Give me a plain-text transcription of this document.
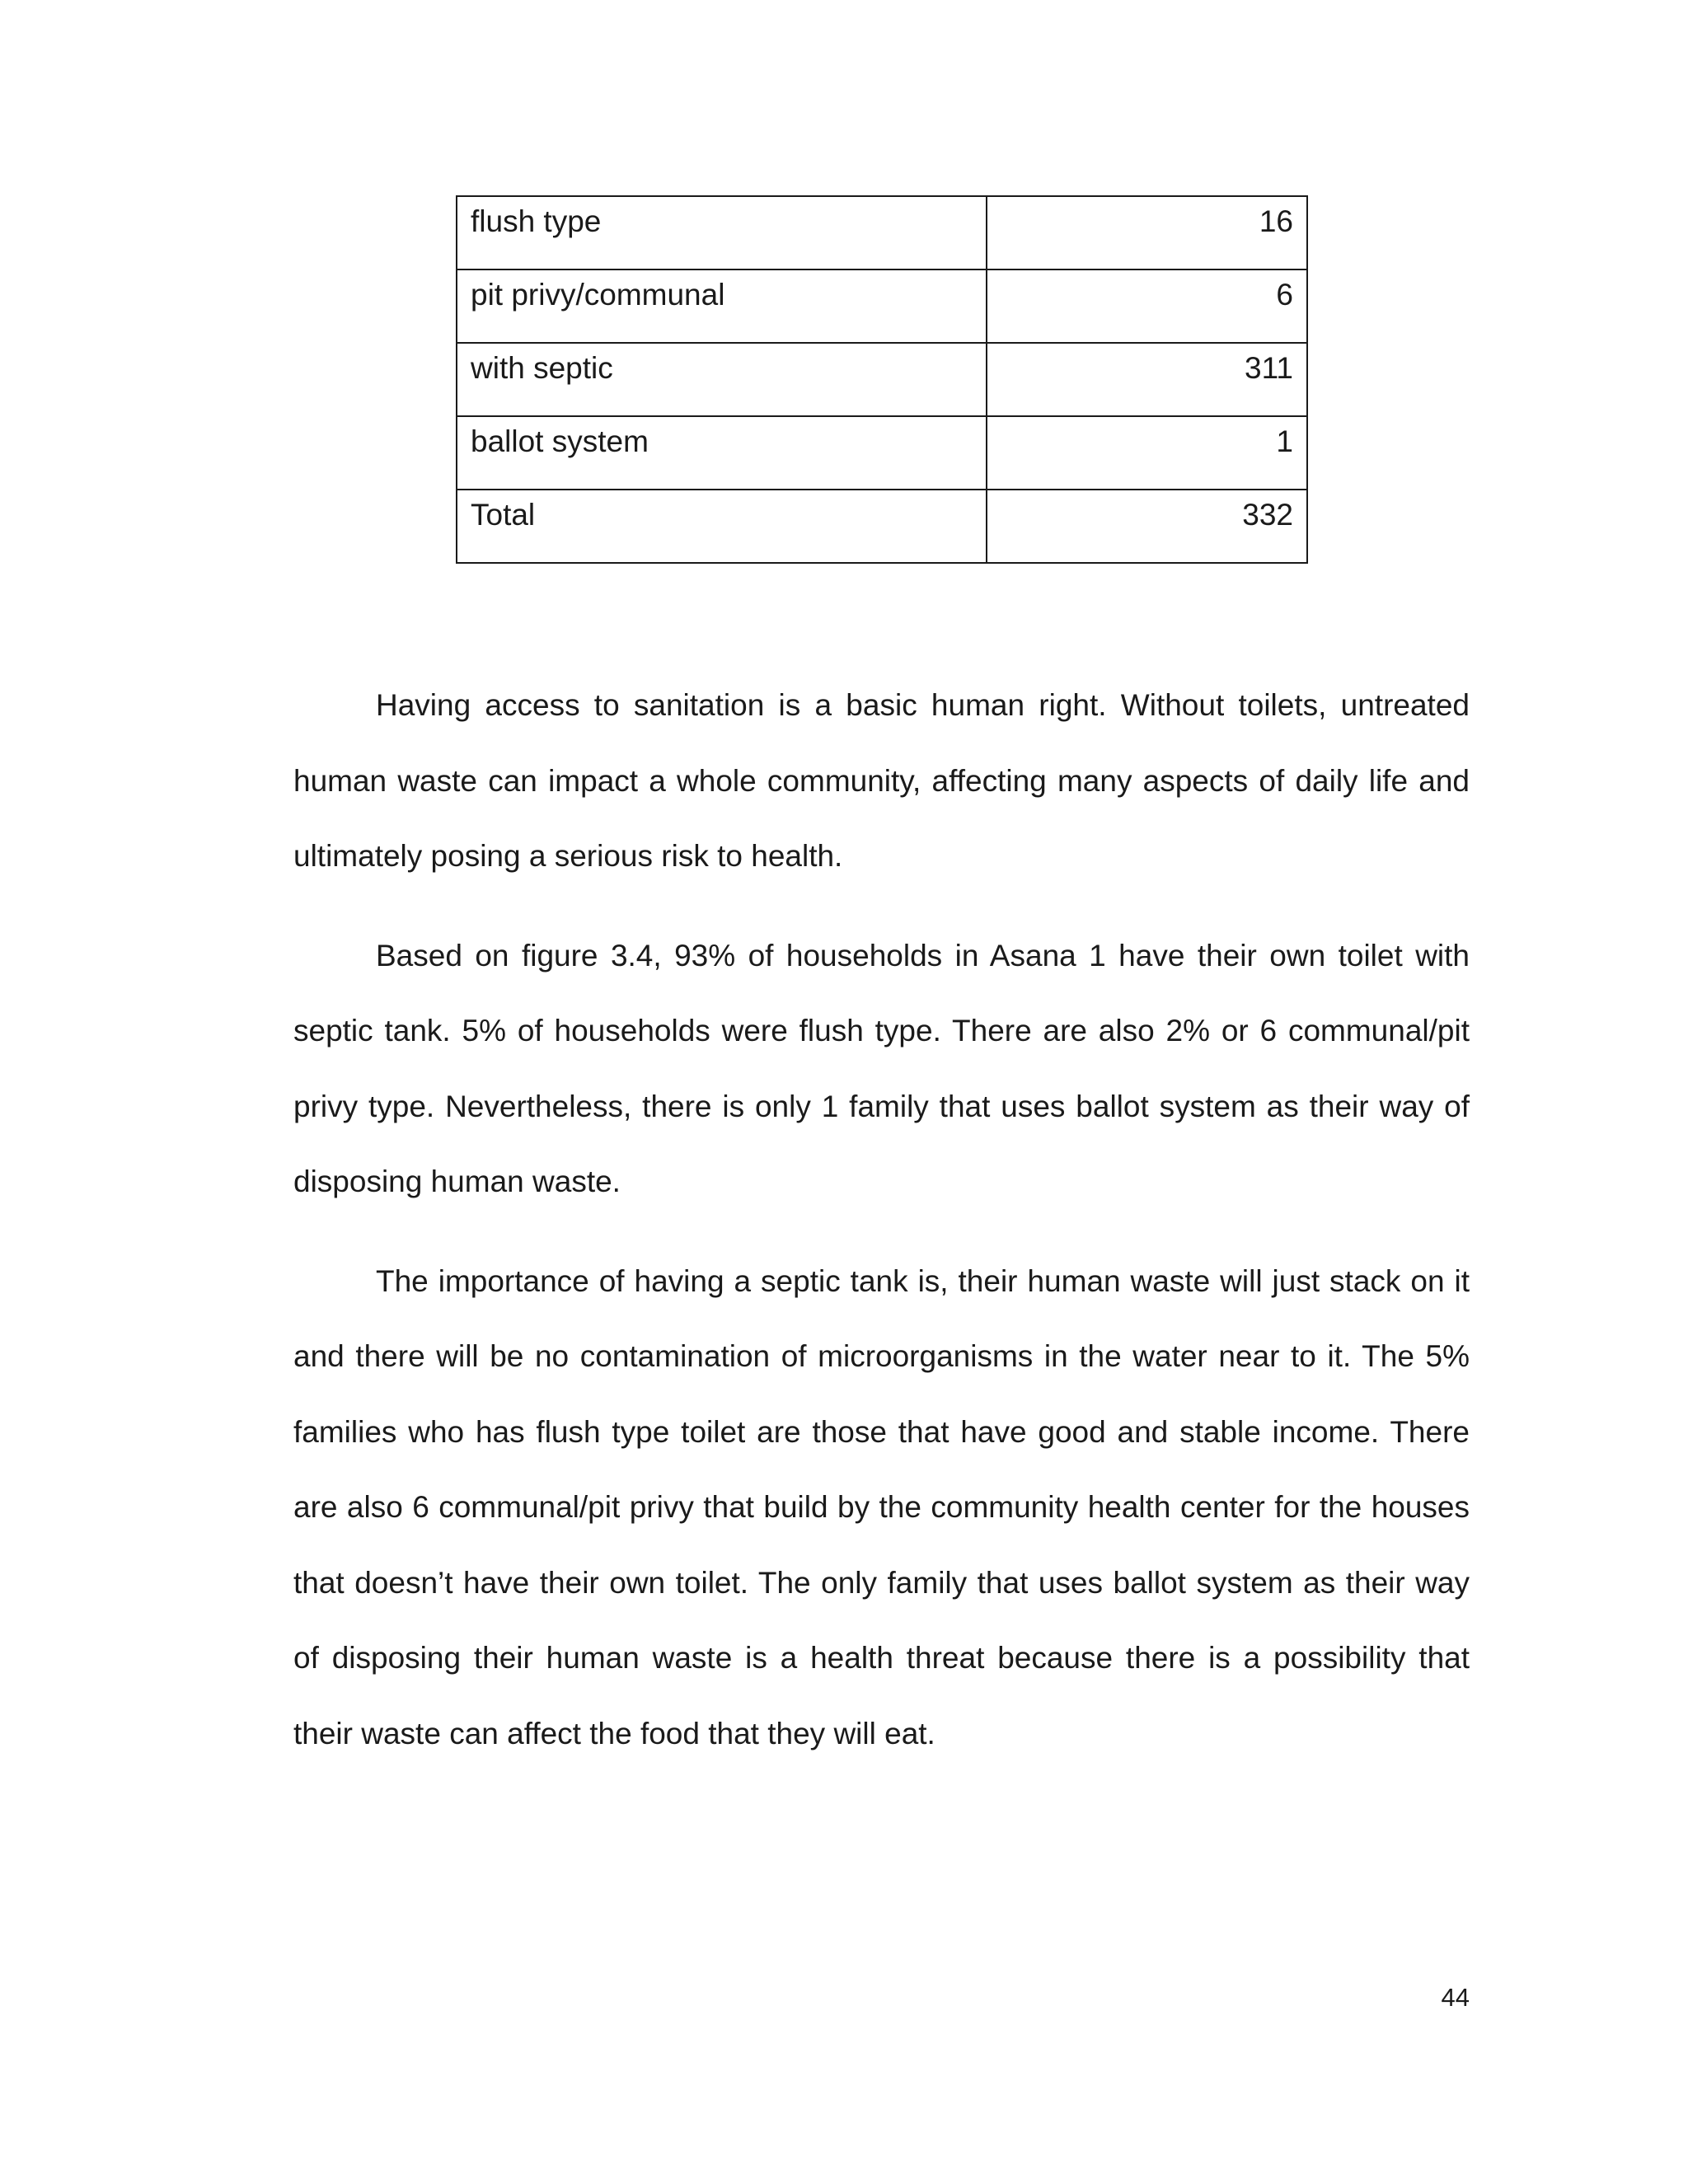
flush type	16
pit privy/communal	6
with septic	311
ballot system	1
Total	332

Having access to sanitation is a basic human right. Without toilets, untreated human waste can impact a whole community, affecting many aspects of daily life and ultimately posing a serious risk to health.

Based on figure 3.4, 93% of households in Asana 1 have their own toilet with septic tank. 5% of households were flush type. There are also 2% or 6 communal/pit privy type. Nevertheless, there is only 1 family that uses ballot system as their way of disposing human waste.

The importance of having a septic tank is, their human waste will just stack on it and there will be no contamination of microorganisms in the water near to it. The 5% families who has flush type toilet are those that have good and stable income. There are also 6 communal/pit privy that build by the community health center for the houses that doesn’t have their own toilet. The only family that uses ballot system as their way of disposing their human waste is a health threat because there is a possibility that their waste can affect the food that they will eat.

44
